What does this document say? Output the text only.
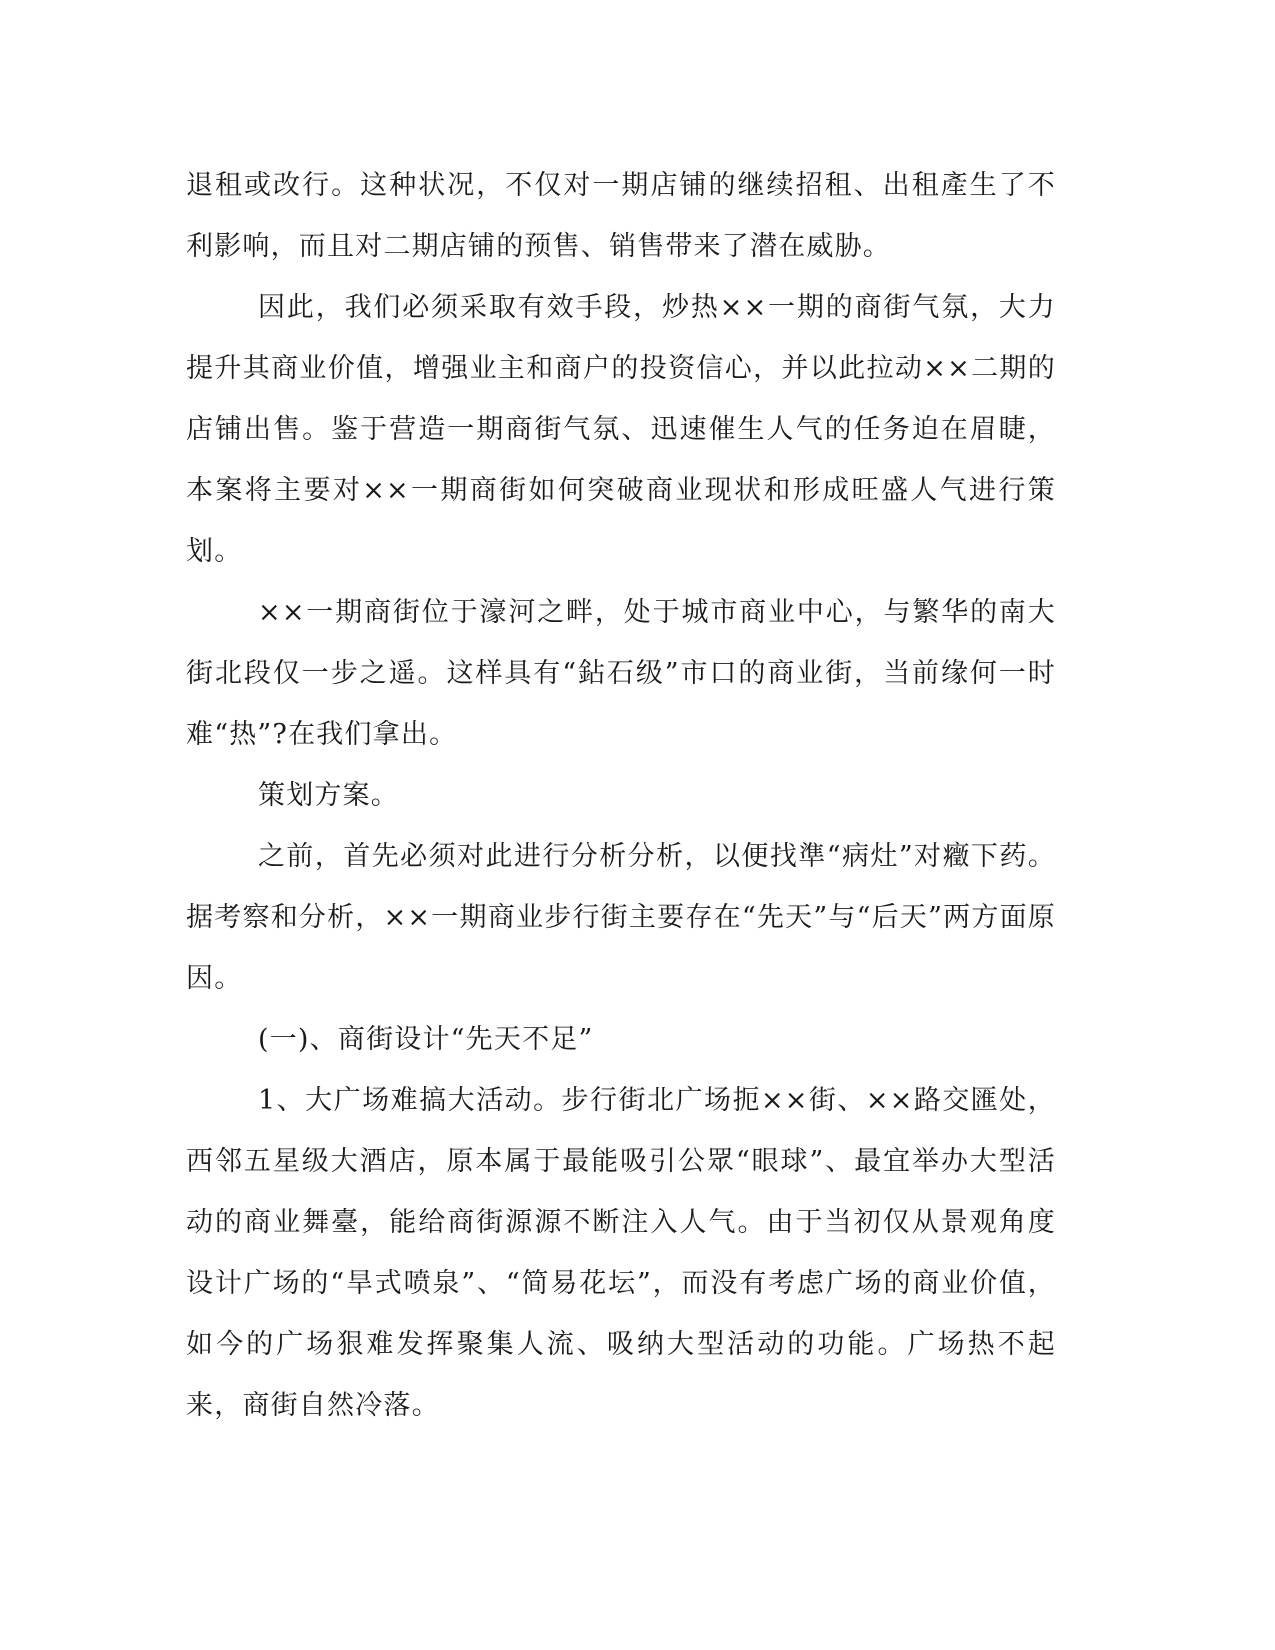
退租或改行。这种状况，不仅对一期店铺的继续招租、出租產生了不利影响，而且对二期店铺的预售、销售带来了潜在威胁。

因此，我们必须采取有效手段，炒热××一期的商街气氛，大力提升其商业价值，增强业主和商户的投资信心，并以此拉动××二期的店铺出售。鉴于营造一期商街气氛、迅速催生人气的任务迫在眉睫，本案将主要对××一期商街如何突破商业现状和形成旺盛人气进行策划。

××一期商街位于濠河之畔，处于城市商业中心，与繁华的南大街北段仅一步之遥。这样具有“鉆石级”市口的商业街，当前缘何一时难“热”?在我们拿出。

策划方案。

之前，首先必须对此进行分析分析，以便找準“病灶”对癥下药。据考察和分析，××一期商业步行街主要存在“先天”与“后天”两方面原因。

(一)、商街设计“先天不足”

1、大广场难搞大活动。步行街北广场扼××街、××路交匯处，西邻五星级大酒店，原本属于最能吸引公眾“眼球”、最宜举办大型活动的商业舞臺，能给商街源源不断注入人气。由于当初仅从景观角度设计广场的“旱式喷泉”、“简易花坛”，而没有考虑广场的商业价值，如今的广场狠难发挥聚集人流、吸纳大型活动的功能。广场热不起来，商街自然冷落。
